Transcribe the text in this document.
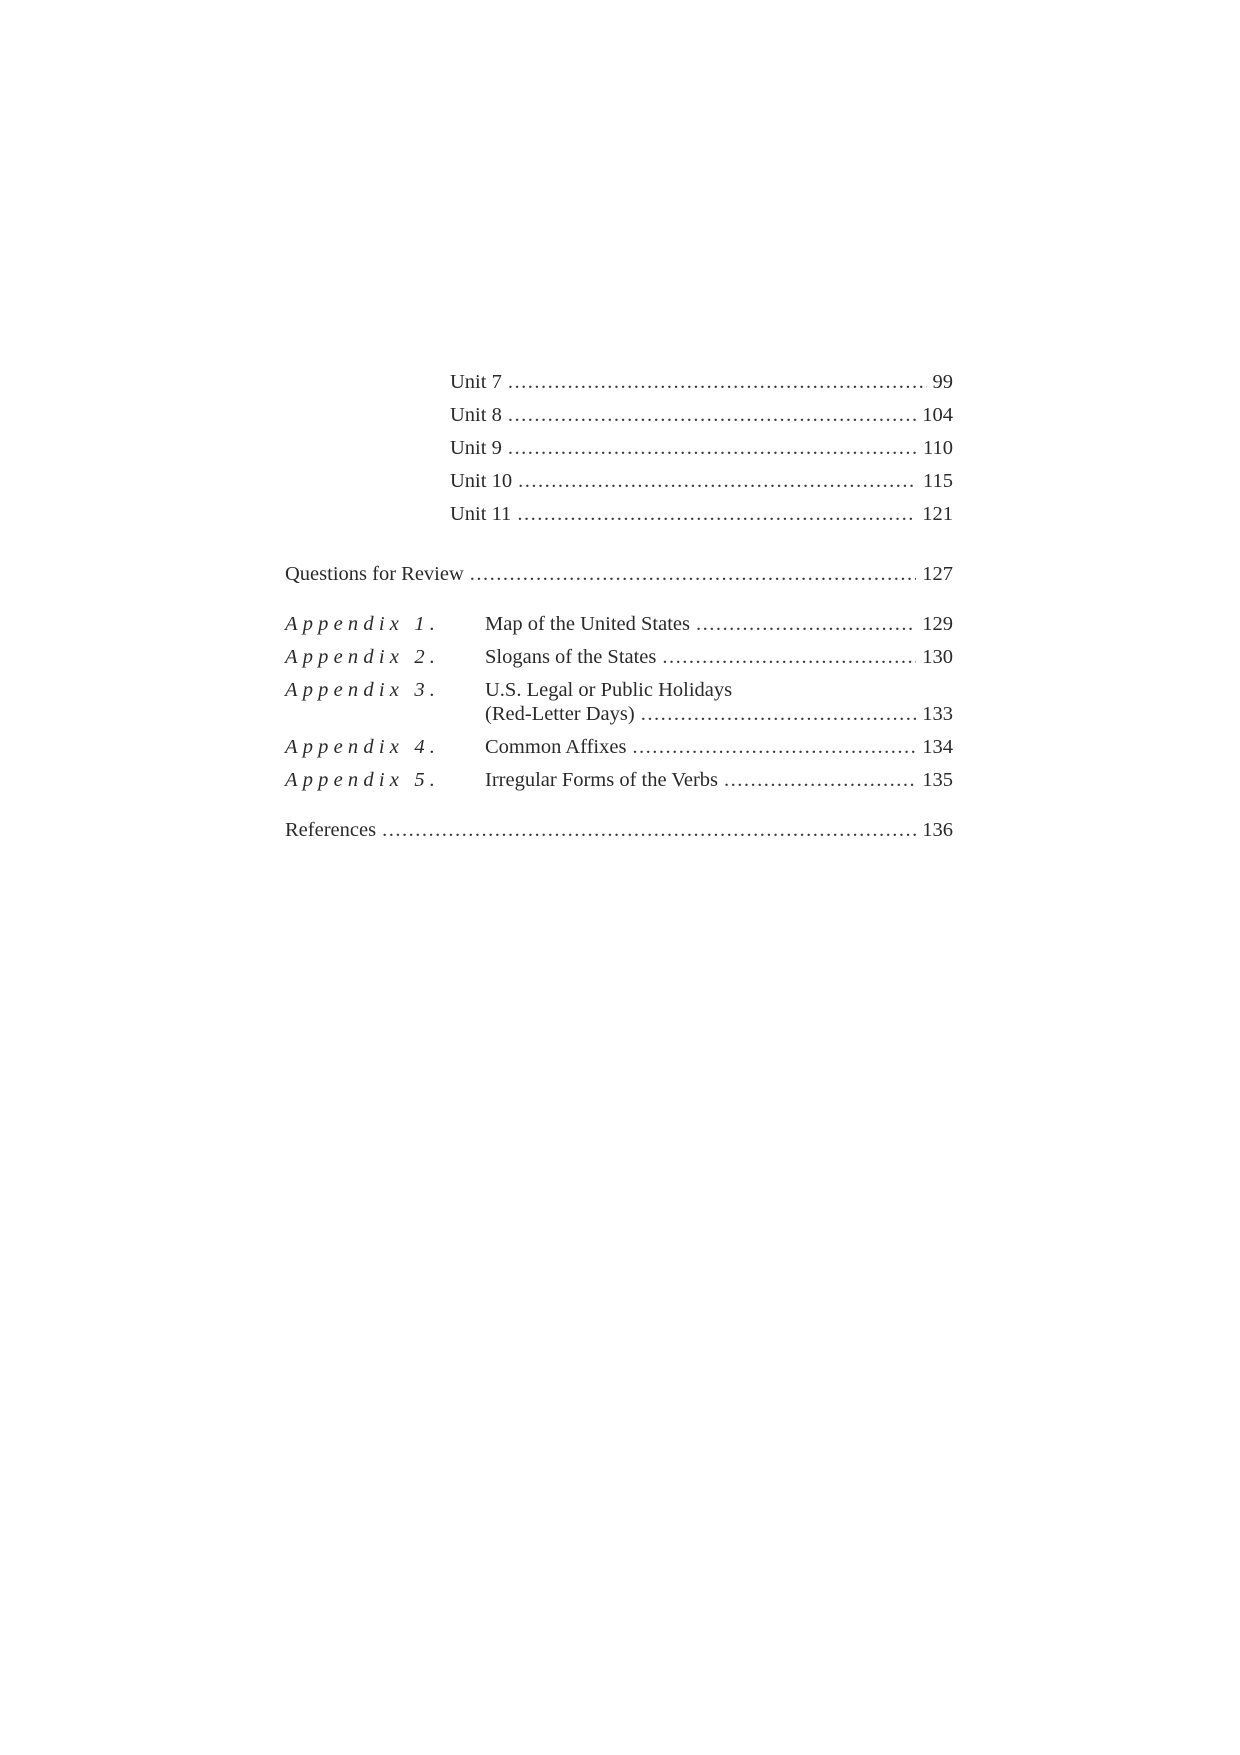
Unit 7 .....	99
Unit 8 .....	104
Unit 9 .....	110
Unit 10 .....	115
Unit 11 .....	121
Questions for Review .....	127
Appendix 1.	Map of the United States .....	129
Appendix 2.	Slogans of the States .....	130
Appendix 3.	U.S. Legal or Public Holidays
(Red-Letter Days) .....	133
Appendix 4.	Common Affixes .....	134
Appendix 5.	Irregular Forms of the Verbs .....	135
References .....	136
